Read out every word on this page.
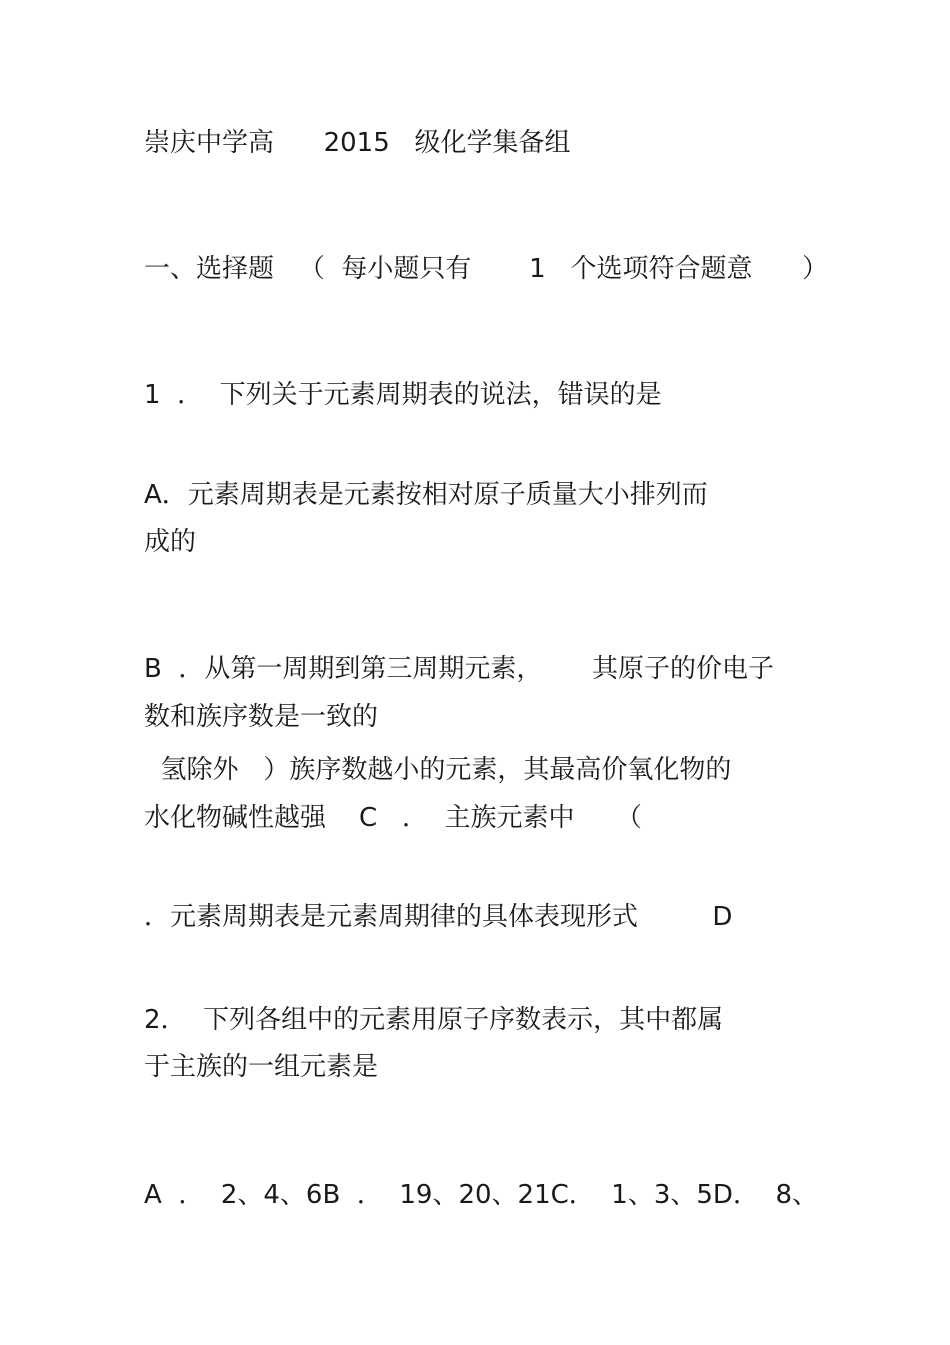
崇庆中学高      2015   级化学集备组
一、选择题   （  每小题只有       1   个选项符合题意      ）
1  ．  下列关于元素周期表的说法，错误的是
A．元素周期表是元素按相对原子质量大小排列而
成的
B  ．从第一周期到第三周期元素，      其原子的价电子
数和族序数是一致的
氢除外   ）族序数越小的元素，其最高价氧化物的
水化物碱性越强    C   ．  主族元素中     （
．元素周期表是元素周期律的具体表现形式         D
2．  下列各组中的元素用原子序数表示，其中都属
于主族的一组元素是
A  ．  2、4、6B  ．  19、20、21C．  1、3、5D．  8、
